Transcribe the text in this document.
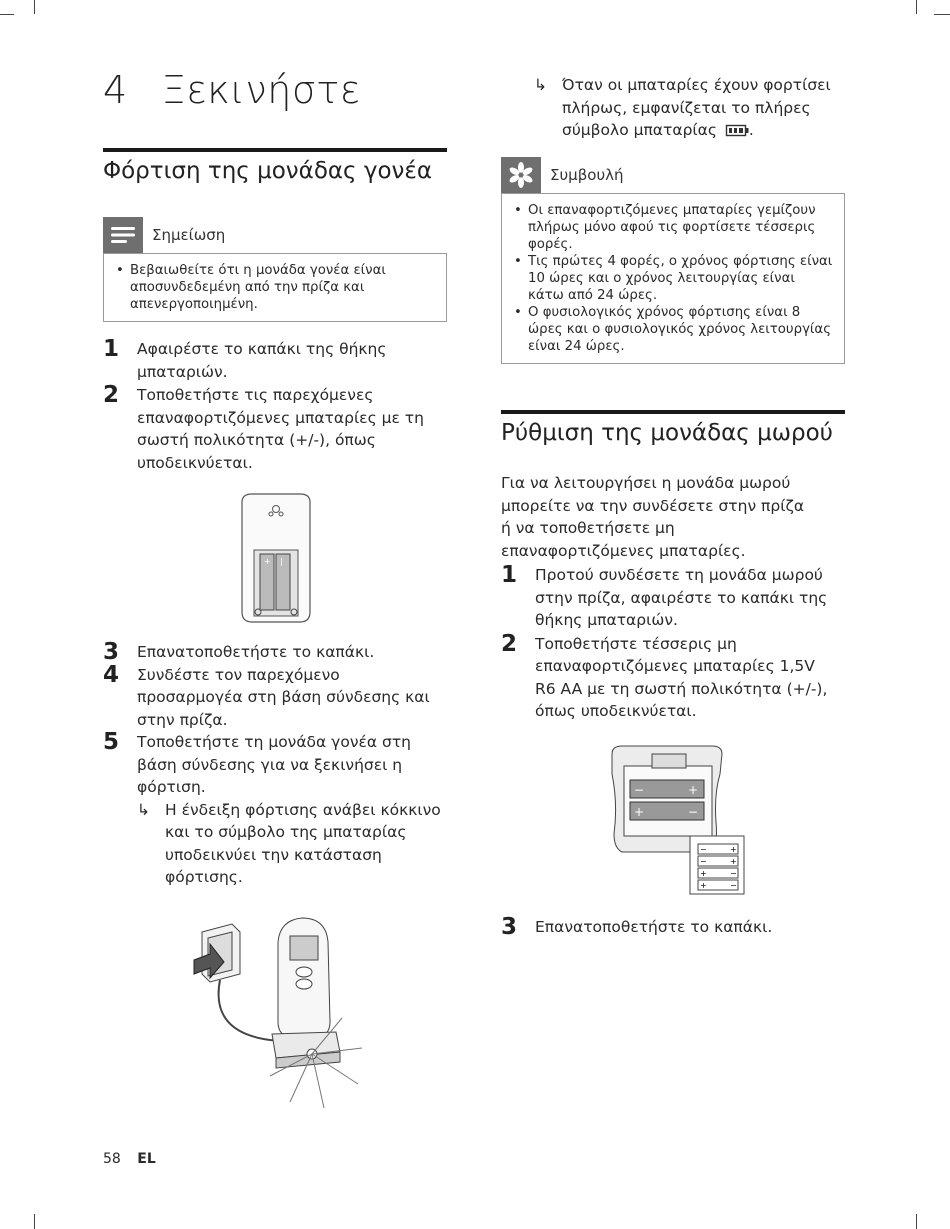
4 Ξεκινήστε
Φόρτιση της μονάδας γονέα
Σημείωση
• Βεβαιωθείτε ότι η μονάδα γονέα είναι αποσυνδεδεμένη από την πρίζα και απενεργοποιημένη.
1	Αφαιρέστε το καπάκι της θήκης μπαταριών.
2	Τοποθετήστε τις παρεχόμενες επαναφορτιζόμενες μπαταρίες με τη σωστή πολικότητα (+/-), όπως υποδεικνύεται.
+ |
3	Επανατοποθετήστε το καπάκι.
4	Συνδέστε τον παρεχόμενο προσαρμογέα στη βάση σύνδεσης και στην πρίζα.
5	Τοποθετήστε τη μονάδα γονέα στη βάση σύνδεσης για να ξεκινήσει η φόρτιση.
↳ Η ένδειξη φόρτισης ανάβει κόκκινο και το σύμβολο της μπαταρίας υποδεικνύει την κατάσταση φόρτισης.
↳ Όταν οι μπαταρίες έχουν φορτίσει πλήρως, εμφανίζεται το πλήρες σύμβολο μπαταρίας .
Συμβουλή
• Οι επαναφορτιζόμενες μπαταρίες γεμίζουν πλήρως μόνο αφού τις φορτίσετε τέσσερις φορές.
• Τις πρώτες 4 φορές, ο χρόνος φόρτισης είναι 10 ώρες και ο χρόνος λειτουργίας είναι κάτω από 24 ώρες.
• Ο φυσιολογικός χρόνος φόρτισης είναι 8 ώρες και ο φυσιολογικός χρόνος λειτουργίας είναι 24 ώρες.
Ρύθμιση της μονάδας μωρού
Για να λειτουργήσει η μονάδα μωρού μπορείτε να την συνδέσετε στην πρίζα ή να τοποθετήσετε μη επαναφορτιζόμενες μπαταρίες.
1	Προτού συνδέσετε τη μονάδα μωρού στην πρίζα, αφαιρέστε το καπάκι της θήκης μπαταριών.
2	Τοποθετήστε τέσσερις μη επαναφορτιζόμενες μπαταρίες 1,5V R6 AA με τη σωστή πολικότητα (+/-), όπως υποδεικνύεται.
−	+
+	−
−	+
−	+
+	−
+	−
3	Επανατοποθετήστε το καπάκι.
58 EL
